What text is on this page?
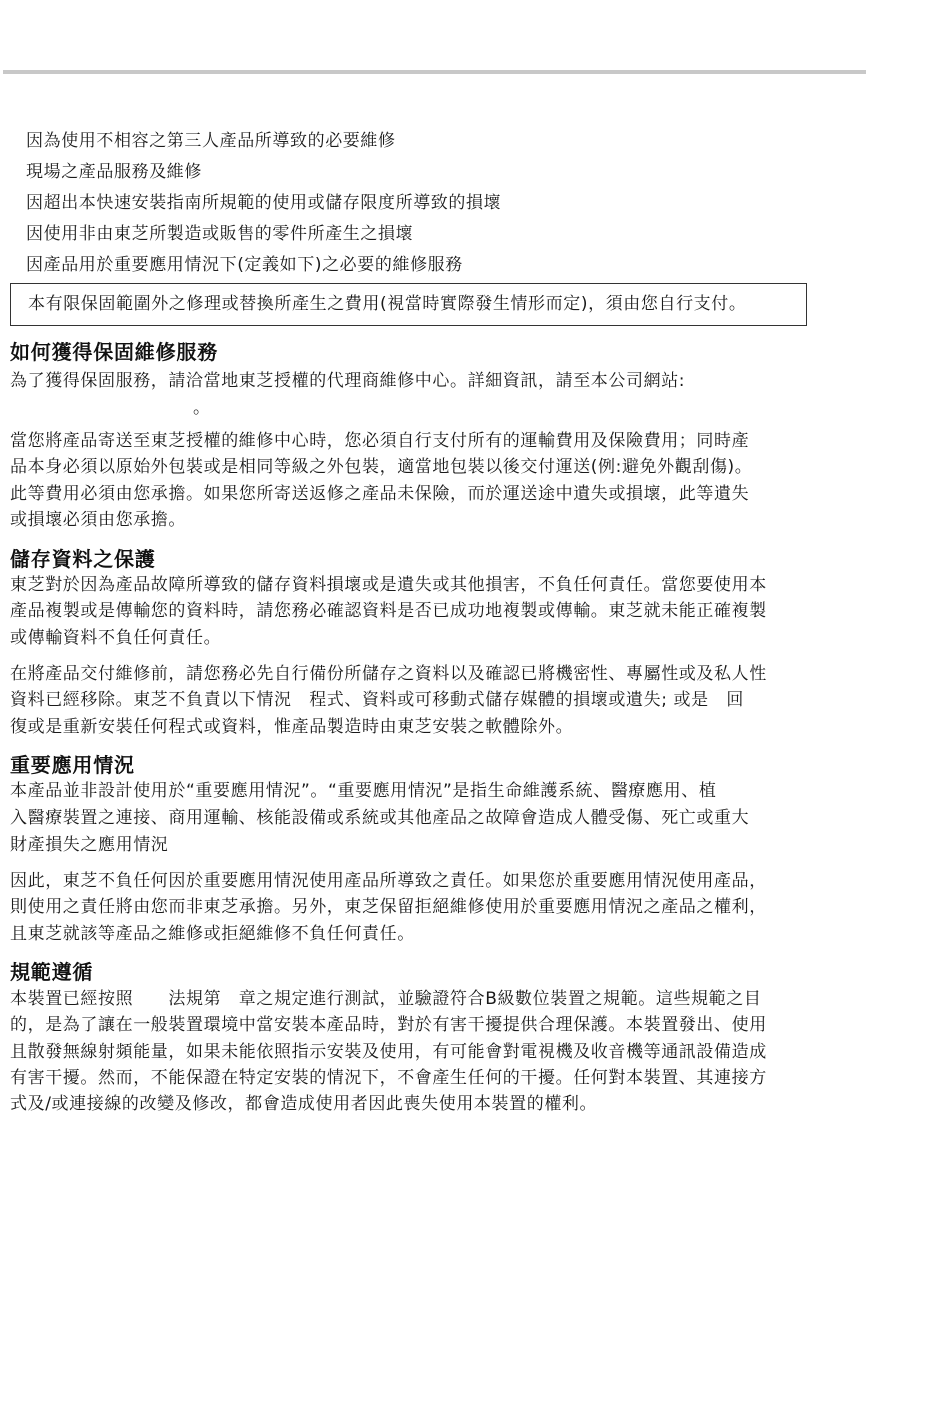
因為使用不相容之第三人產品所導致的必要維修
現場之產品服務及維修
因超出本快速安裝指南所規範的使用或儲存限度所導致的損壞
因使用非由東芝所製造或販售的零件所產生之損壞
因產品用於重要應用情況下(定義如下)之必要的維修服務
本有限保固範圍外之修理或替換所產生之費用(視當時實際發生情形而定)，須由您自行支付。
如何獲得保固維修服務
為了獲得保固服務，請洽當地東芝授權的代理商維修中心。詳細資訊，請至本公司網站:
。
當您將產品寄送至東芝授權的維修中心時，您必須自行支付所有的運輸費用及保險費用；同時產
品本身必須以原始外包裝或是相同等級之外包裝，適當地包裝以後交付運送(例:避免外觀刮傷)。
此等費用必須由您承擔。如果您所寄送返修之產品未保險，而於運送途中遺失或損壞，此等遺失
或損壞必須由您承擔。
儲存資料之保護
東芝對於因為產品故障所導致的儲存資料損壞或是遺失或其他損害，不負任何責任。當您要使用本
產品複製或是傳輸您的資料時，請您務必確認資料是否已成功地複製或傳輸。東芝就未能正確複製
或傳輸資料不負任何責任。
在將產品交付維修前，請您務必先自行備份所儲存之資料以及確認已將機密性、專屬性或及私人性
資料已經移除。東芝不負責以下情況　程式、資料或可移動式儲存媒體的損壞或遺失; 或是　回
復或是重新安裝任何程式或資料，惟產品製造時由東芝安裝之軟體除外。
重要應用情況
本產品並非設計使用於“重要應用情況”。“重要應用情況”是指生命維護系統、醫療應用、植
入醫療裝置之連接、商用運輸、核能設備或系統或其他產品之故障會造成人體受傷、死亡或重大
財產損失之應用情況
因此，東芝不負任何因於重要應用情況使用產品所導致之責任。如果您於重要應用情況使用產品，
則使用之責任將由您而非東芝承擔。另外，東芝保留拒絕維修使用於重要應用情況之產品之權利，
且東芝就該等產品之維修或拒絕維修不負任何責任。
規範遵循
本裝置已經按照　　法規第　章之規定進行測試，並驗證符合B級數位裝置之規範。這些規範之目
的，是為了讓在一般裝置環境中當安裝本產品時，對於有害干擾提供合理保護。本裝置發出、使用
且散發無線射頻能量，如果未能依照指示安裝及使用，有可能會對電視機及收音機等通訊設備造成
有害干擾。然而，不能保證在特定安裝的情況下，不會產生任何的干擾。任何對本裝置、其連接方
式及/或連接線的改變及修改，都會造成使用者因此喪失使用本裝置的權利。
